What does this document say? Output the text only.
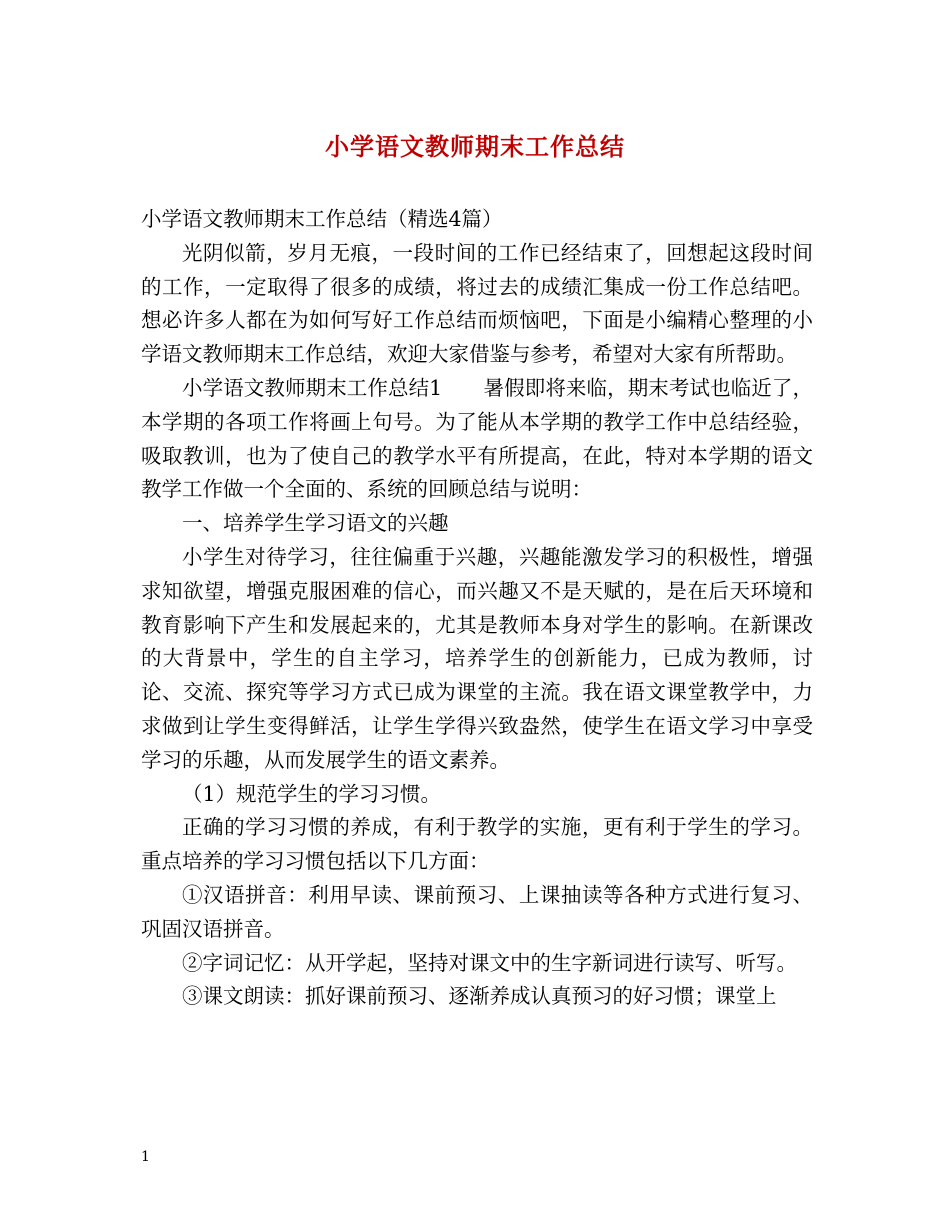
小学语文教师期末工作总结

小学语文教师期末工作总结（精选4篇）

光阴似箭，岁月无痕，一段时间的工作已经结束了，回想起这段时间的工作，一定取得了很多的成绩，将过去的成绩汇集成一份工作总结吧。想必许多人都在为如何写好工作总结而烦恼吧，下面是小编精心整理的小学语文教师期末工作总结，欢迎大家借鉴与参考，希望对大家有所帮助。

小学语文教师期末工作总结1　　暑假即将来临，期末考试也临近了，本学期的各项工作将画上句号。为了能从本学期的教学工作中总结经验，吸取教训，也为了使自己的教学水平有所提高，在此，特对本学期的语文教学工作做一个全面的、系统的回顾总结与说明：

一、培养学生学习语文的兴趣

小学生对待学习，往往偏重于兴趣，兴趣能激发学习的积极性，增强求知欲望，增强克服困难的信心，而兴趣又不是天赋的，是在后天环境和教育影响下产生和发展起来的，尤其是教师本身对学生的影响。在新课改的大背景中，学生的自主学习，培养学生的创新能力，已成为教师，讨论、交流、探究等学习方式已成为课堂的主流。我在语文课堂教学中，力求做到让学生变得鲜活，让学生学得兴致盎然，使学生在语文学习中享受学习的乐趣，从而发展学生的语文素养。

（1）规范学生的学习习惯。

正确的学习习惯的养成，有利于教学的实施，更有利于学生的学习。重点培养的学习习惯包括以下几方面：

①汉语拼音：利用早读、课前预习、上课抽读等各种方式进行复习、巩固汉语拼音。

②字词记忆：从开学起，坚持对课文中的生字新词进行读写、听写。

③课文朗读：抓好课前预习、逐渐养成认真预习的好习惯；课堂上

1
